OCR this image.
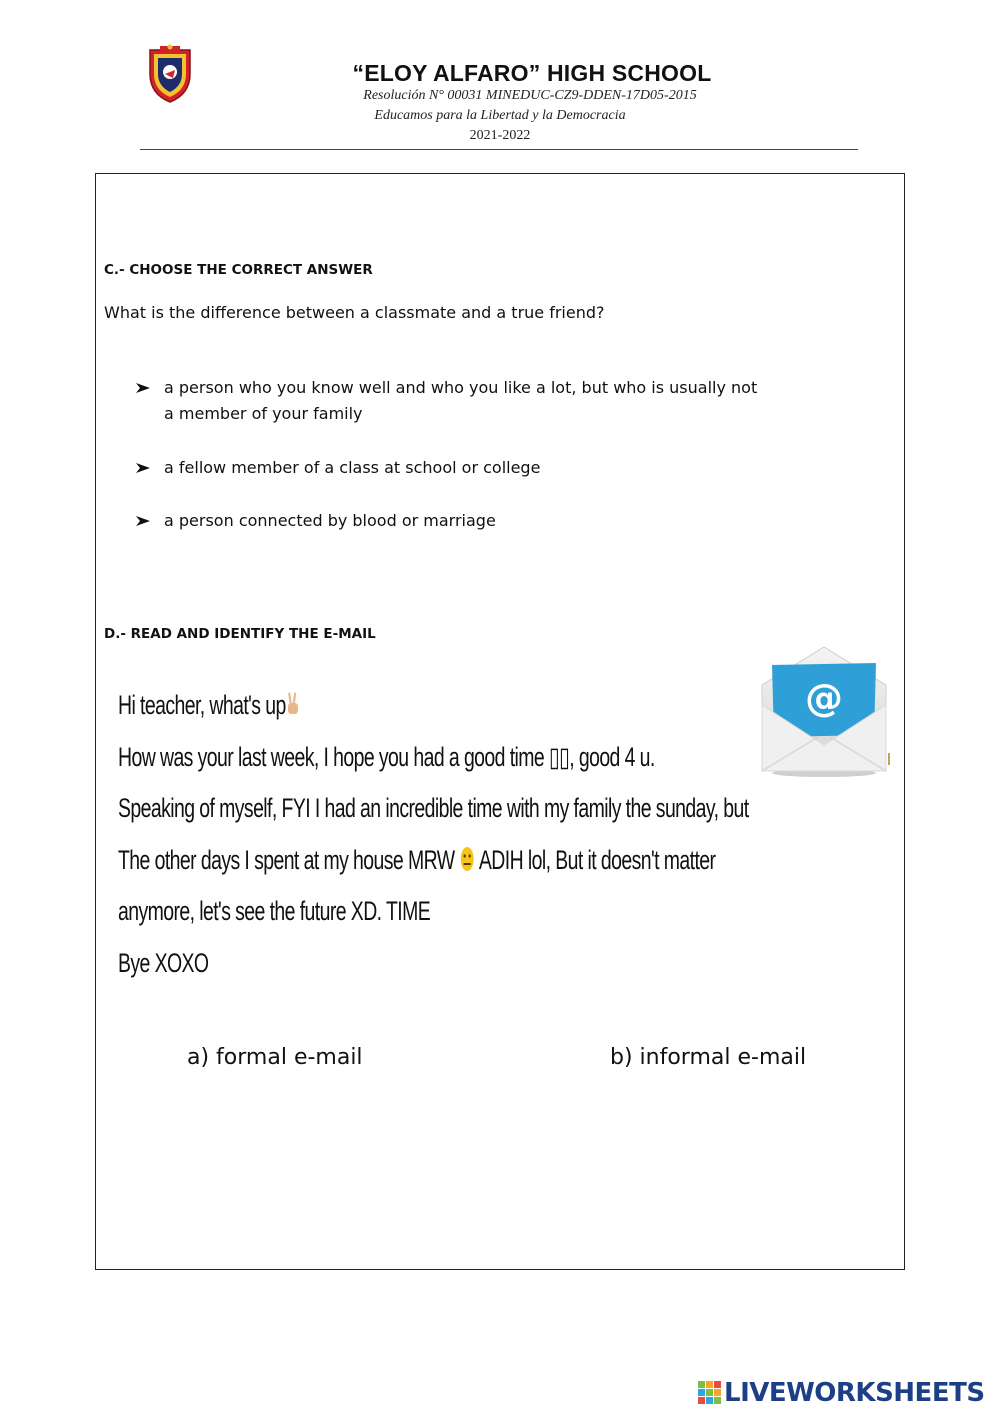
“ELOY ALFARO” HIGH SCHOOL
Resolución N° 00031 MINEDUC-CZ9-DDEN-17D05-2015
Educamos para la Libertad y la Democracia
2021-2022
C.- CHOOSE THE CORRECT ANSWER
What is the difference between a classmate and a true friend?
a person who you know well and who you like a lot, but who is usually not
a member of your family
a fellow member of a class at school or college
a person connected by blood or marriage
D.- READ AND IDENTIFY THE E-MAIL
Hi teacher, what's up
How was your last week, I hope you had a good time ▯▯, good 4 u.
Speaking of myself, FYI I had an incredible time with my family the sunday, but
The other days I spent at my house MRW  ADIH lol, But it doesn't matter
anymore, let's see the future XD. TIME
Bye XOXO
@
a) formal e-mail	b) informal e-mail
LIVEWORKSHEETS
